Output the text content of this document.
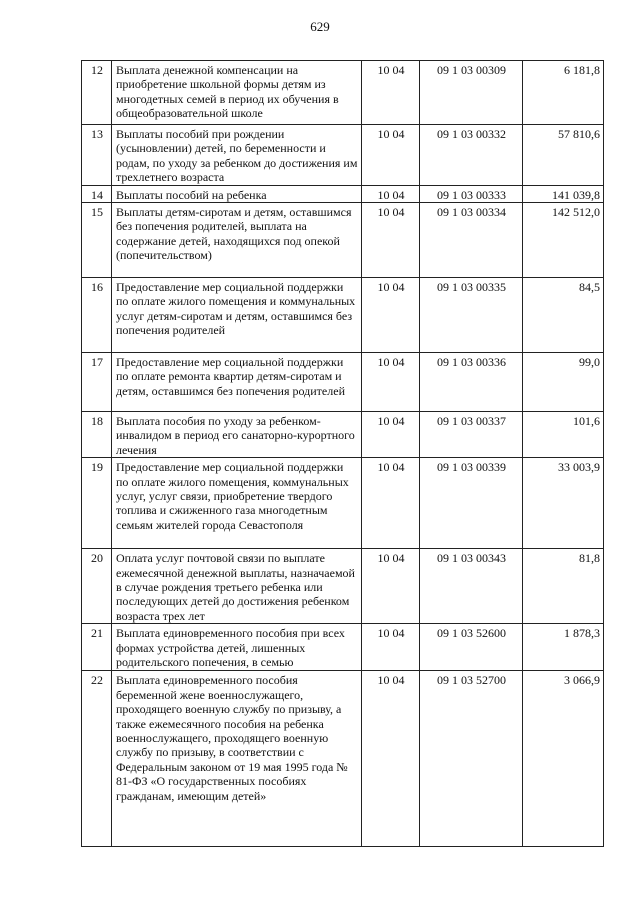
629
12	Выплата денежной компенсации на приобретение школьной формы детям из многодетных семей в период их обучения в общеобразовательной школе	10 04	09 1 03 00309	6 181,8
13	Выплаты пособий при рождении (усыновлении) детей, по беременности и родам, по уходу за ребенком до достижения им трехлетнего возраста	10 04	09 1 03 00332	57 810,6
14	Выплаты пособий на ребенка	10 04	09 1 03 00333	141 039,8
15	Выплаты детям-сиротам и детям, оставшимся без попечения родителей, выплата на содержание детей, находящихся под опекой (попечительством)	10 04	09 1 03 00334	142 512,0
16	Предоставление мер социальной поддержки по оплате жилого помещения и коммунальных услуг детям-сиротам и детям, оставшимся без попечения родителей	10 04	09 1 03 00335	84,5
17	Предоставление мер социальной поддержки по оплате ремонта квартир детям-сиротам и детям, оставшимся без попечения родителей	10 04	09 1 03 00336	99,0
18	Выплата пособия по уходу за ребенком-инвалидом в период его санаторно-курортного лечения	10 04	09 1 03 00337	101,6
19	Предоставление мер социальной поддержки по оплате жилого помещения, коммунальных услуг, услуг связи, приобретение твердого топлива и сжиженного газа многодетным семьям жителей города Севастополя	10 04	09 1 03 00339	33 003,9
20	Оплата услуг почтовой связи по выплате ежемесячной денежной выплаты, назначаемой в случае рождения третьего ребенка или последующих детей до достижения ребенком возраста трех лет	10 04	09 1 03 00343	81,8
21	Выплата единовременного пособия при всех формах устройства детей, лишенных родительского попечения, в семью	10 04	09 1 03 52600	1 878,3
22	Выплата единовременного пособия беременной жене военнослужащего, проходящего военную службу по призыву, а также ежемесячного пособия на ребенка военнослужащего, проходящего военную службу по призыву, в соответствии с Федеральным законом от 19 мая 1995 года № 81-ФЗ «О государственных пособиях гражданам, имеющим детей»	10 04	09 1 03 52700	3 066,9
